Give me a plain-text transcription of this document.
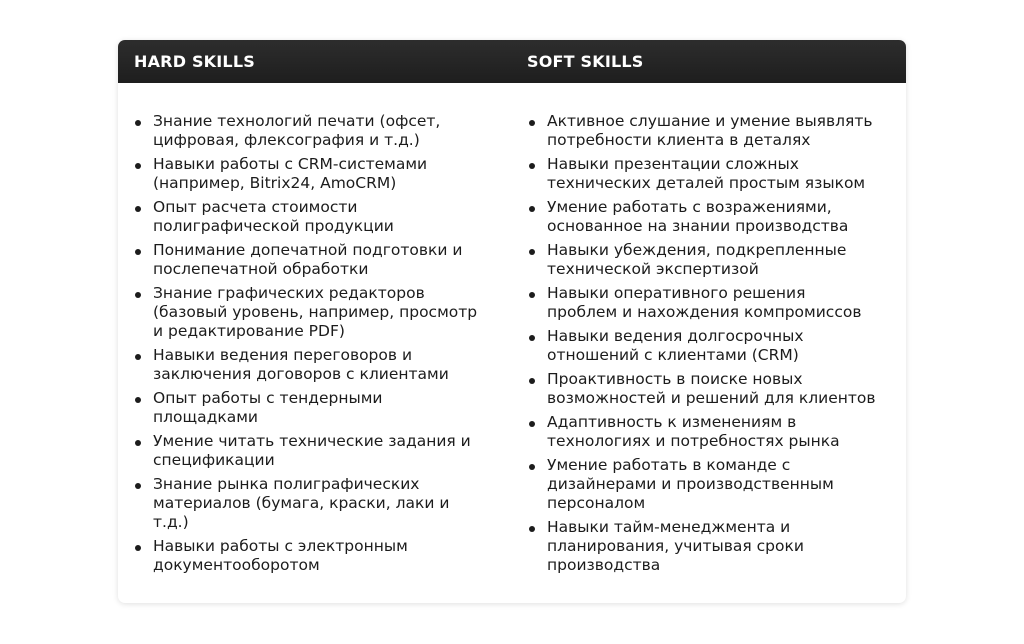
HARD SKILLS	SOFT SKILLS
Знание технологий печати (офсет,
цифровая, флексография и т.д.)
Навыки работы с CRM-системами
(например, Bitrix24, AmoCRM)
Опыт расчета стоимости
полиграфической продукции
Понимание допечатной подготовки и
послепечатной обработки
Знание графических редакторов
(базовый уровень, например, просмотр
и редактирование PDF)
Навыки ведения переговоров и
заключения договоров с клиентами
Опыт работы с тендерными
площадками
Умение читать технические задания и
спецификации
Знание рынка полиграфических
материалов (бумага, краски, лаки и
т.д.)
Навыки работы с электронным
документооборотом
Активное слушание и умение выявлять
потребности клиента в деталях
Навыки презентации сложных
технических деталей простым языком
Умение работать с возражениями,
основанное на знании производства
Навыки убеждения, подкрепленные
технической экспертизой
Навыки оперативного решения
проблем и нахождения компромиссов
Навыки ведения долгосрочных
отношений с клиентами (CRM)
Проактивность в поиске новых
возможностей и решений для клиентов
Адаптивность к изменениям в
технологиях и потребностях рынка
Умение работать в команде с
дизайнерами и производственным
персоналом
Навыки тайм-менеджмента и
планирования, учитывая сроки
производства
